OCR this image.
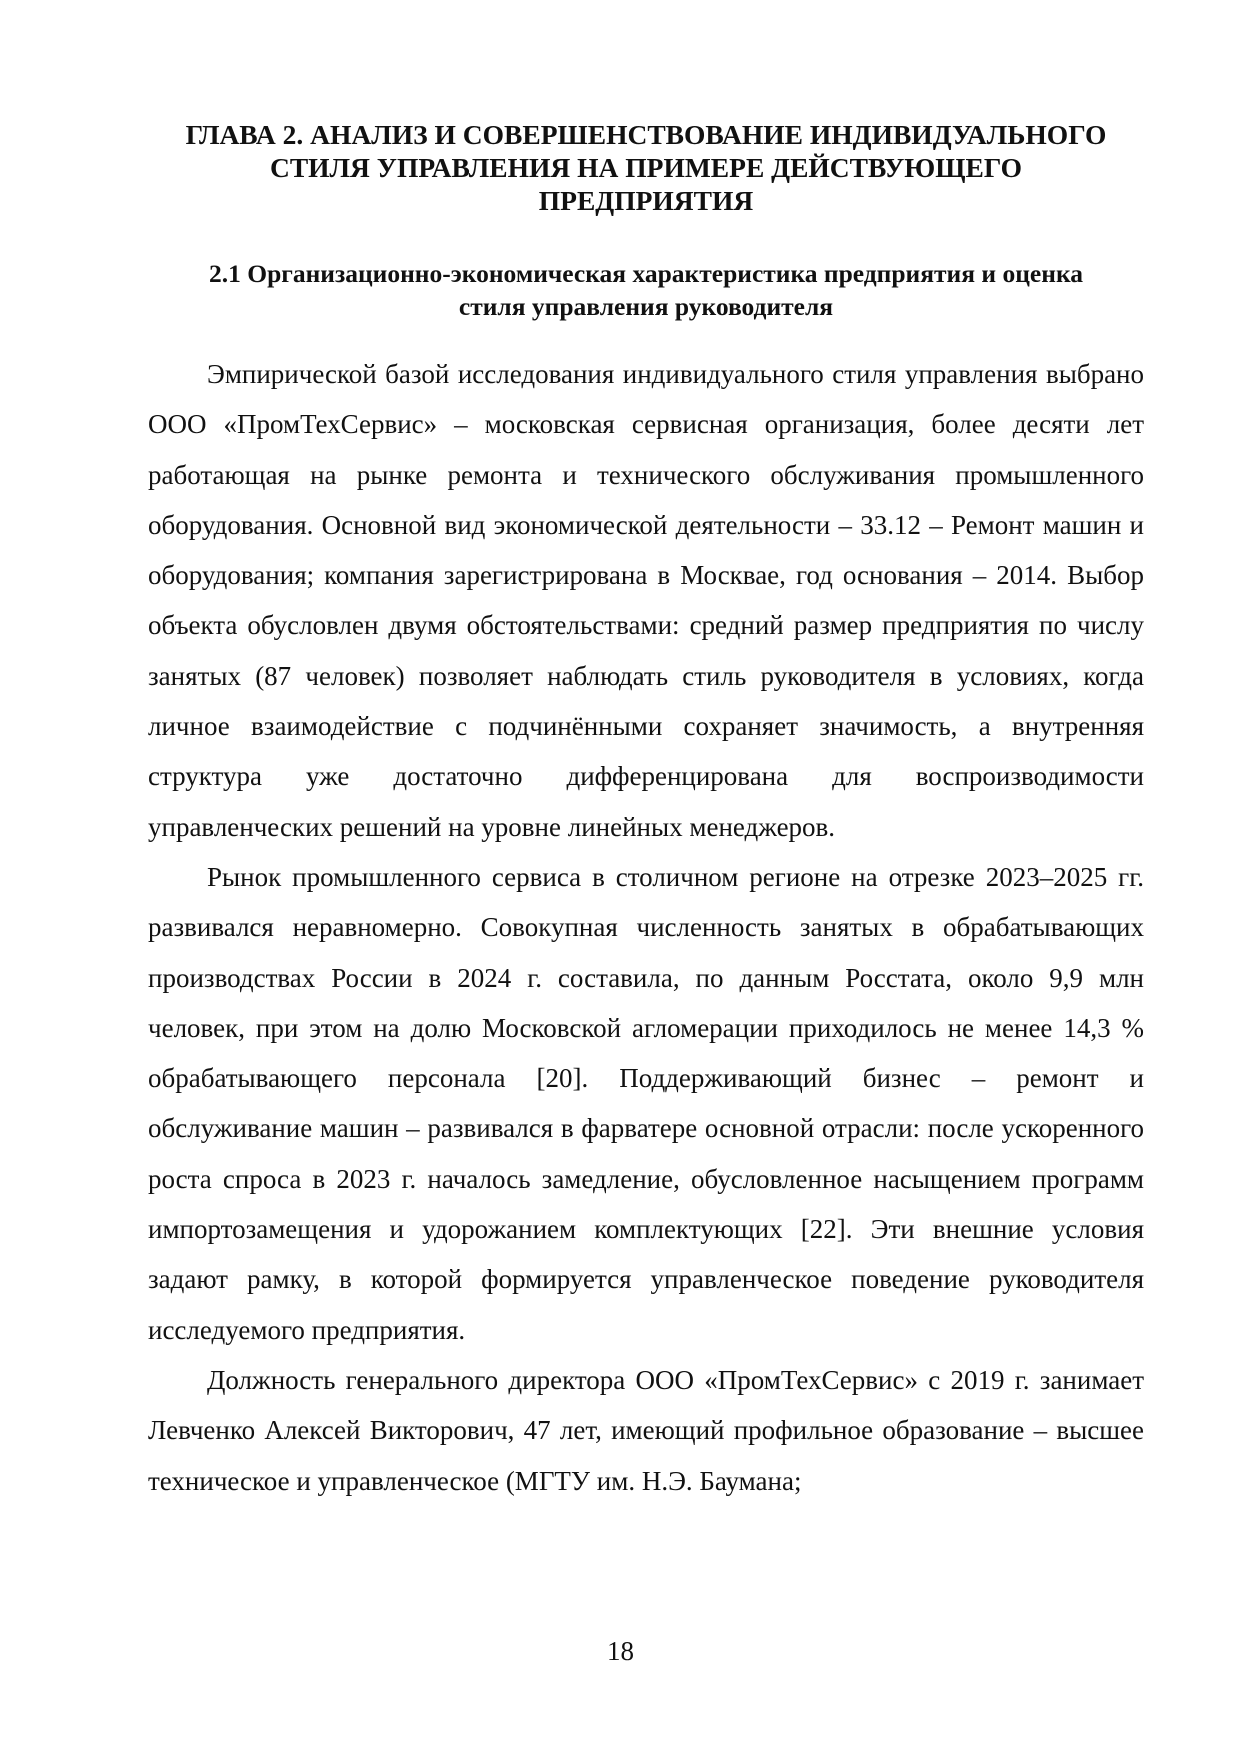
ГЛАВА 2. АНАЛИЗ И СОВЕРШЕНСТВОВАНИЕ ИНДИВИДУАЛЬНОГО
СТИЛЯ УПРАВЛЕНИЯ НА ПРИМЕРЕ ДЕЙСТВУЮЩЕГО
ПРЕДПРИЯТИЯ
2.1 Организационно-экономическая характеристика предприятия и оценка
стиля управления руководителя

Эмпирической базой исследования индивидуального стиля управления выбрано ООО «ПромТехСервис» – московская сервисная организация, более десяти лет работающая на рынке ремонта и технического обслуживания промышленного оборудования. Основной вид экономической деятельности – 33.12 – Ремонт машин и оборудования; компания зарегистрирована в Москвае, год основания – 2014. Выбор объекта обусловлен двумя обстоятельствами: средний размер предприятия по числу занятых (87 человек) позволяет наблюдать стиль руководителя в условиях, когда личное взаимодействие с подчинёнными сохраняет значимость, а внутренняя структура уже достаточно дифференцирована для воспроизводимости управленческих решений на уровне линейных менеджеров.

Рынок промышленного сервиса в столичном регионе на отрезке 2023–2025 гг. развивался неравномерно. Совокупная численность занятых в обрабатывающих производствах России в 2024 г. составила, по данным Росстата, около 9,9 млн человек, при этом на долю Московской агломерации приходилось не менее 14,3 % обрабатывающего персонала [20]. Поддерживающий бизнес – ремонт и обслуживание машин – развивался в фарватере основной отрасли: после ускоренного роста спроса в 2023 г. началось замедление, обусловленное насыщением программ импортозамещения и удорожанием комплектующих [22]. Эти внешние условия задают рамку, в которой формируется управленческое поведение руководителя исследуемого предприятия.

Должность генерального директора ООО «ПромТехСервис» с 2019 г. занимает Левченко Алексей Викторович, 47 лет, имеющий профильное образование – высшее техническое и управленческое (МГТУ им. Н.Э. Баумана;

18
